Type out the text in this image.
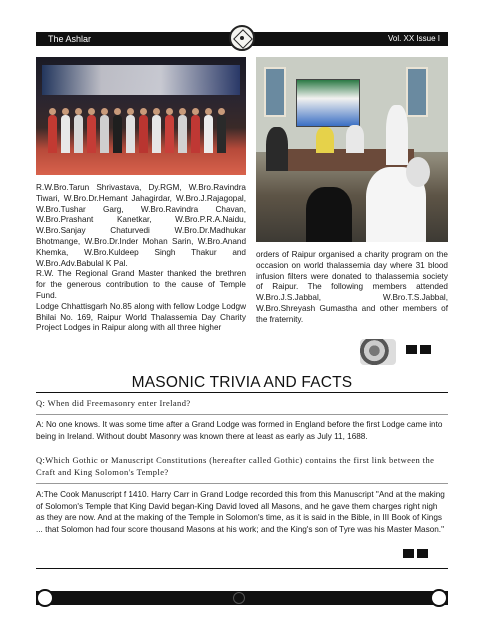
The Ashlar	Vol. XX Issue I
R.W.Bro.Tarun Shrivastava, Dy.RGM, W.Bro.Ravindra Tiwari, W.Bro.Dr.Hemant Jahagirdar, W.Bro.J.Rajagopal, W.Bro.Tushar Garg, W.Bro.Ravindra Chavan, W.Bro.Prashant Kanetkar, W.Bro.P.R.A.Naidu, W.Bro.Sanjay Chaturvedi W.Bro.Dr.Madhukar Bhotmange, W.Bro.Dr.Inder Mohan Sarin, W.Bro.Anand Khemka, W.Bro.Kuldeep Singh Thakur and W.Bro.Adv.Babulal K Pal.
R.W. The Regional Grand Master thanked the brethren for the generous contribution to the cause of Temple Fund.
Lodge Chhattisgarh No.85 along with fellow Lodge Lodgw Bhilai No. 169, Raipur World Thalassemia Day Charity Project Lodges in Raipur along with all three higher
orders of Raipur organised a charity program on the occasion on world thalassemia day where 31 blood infusion filters were donated to thalassemia society of Raipur. The following members attended W.Bro.J.S.Jabbal, W.Bro.T.S.Jabbal, W.Bro.Shreyash Gumastha and other members of the fraternity.
MASONIC TRIVIA AND FACTS
Q: When did Freemasonry enter Ireland?
A: No one knows. It was some time after a Grand Lodge was formed in England before the first Lodge came into being in Ireland. Without doubt Masonry was known there at least as early as July 11, 1688.
Q:Which Gothic or Manuscript Constitutions (hereafter called Gothic) contains the first link between the Craft and King Solomon's Temple?
A:The Cook Manuscript f 1410. Harry Carr in Grand Lodge recorded this from this Manuscript "And at the making of Solomon's Temple that King David began-King David loved all Masons, and he gave them charges right nigh as they are now. And at the making of the Temple in Solomon's time, as it is said in the Bible, in III Book of Kings ... that Solomon had four score thousand Masons at his work; and the King's son of Tyre was his Master Mason."
